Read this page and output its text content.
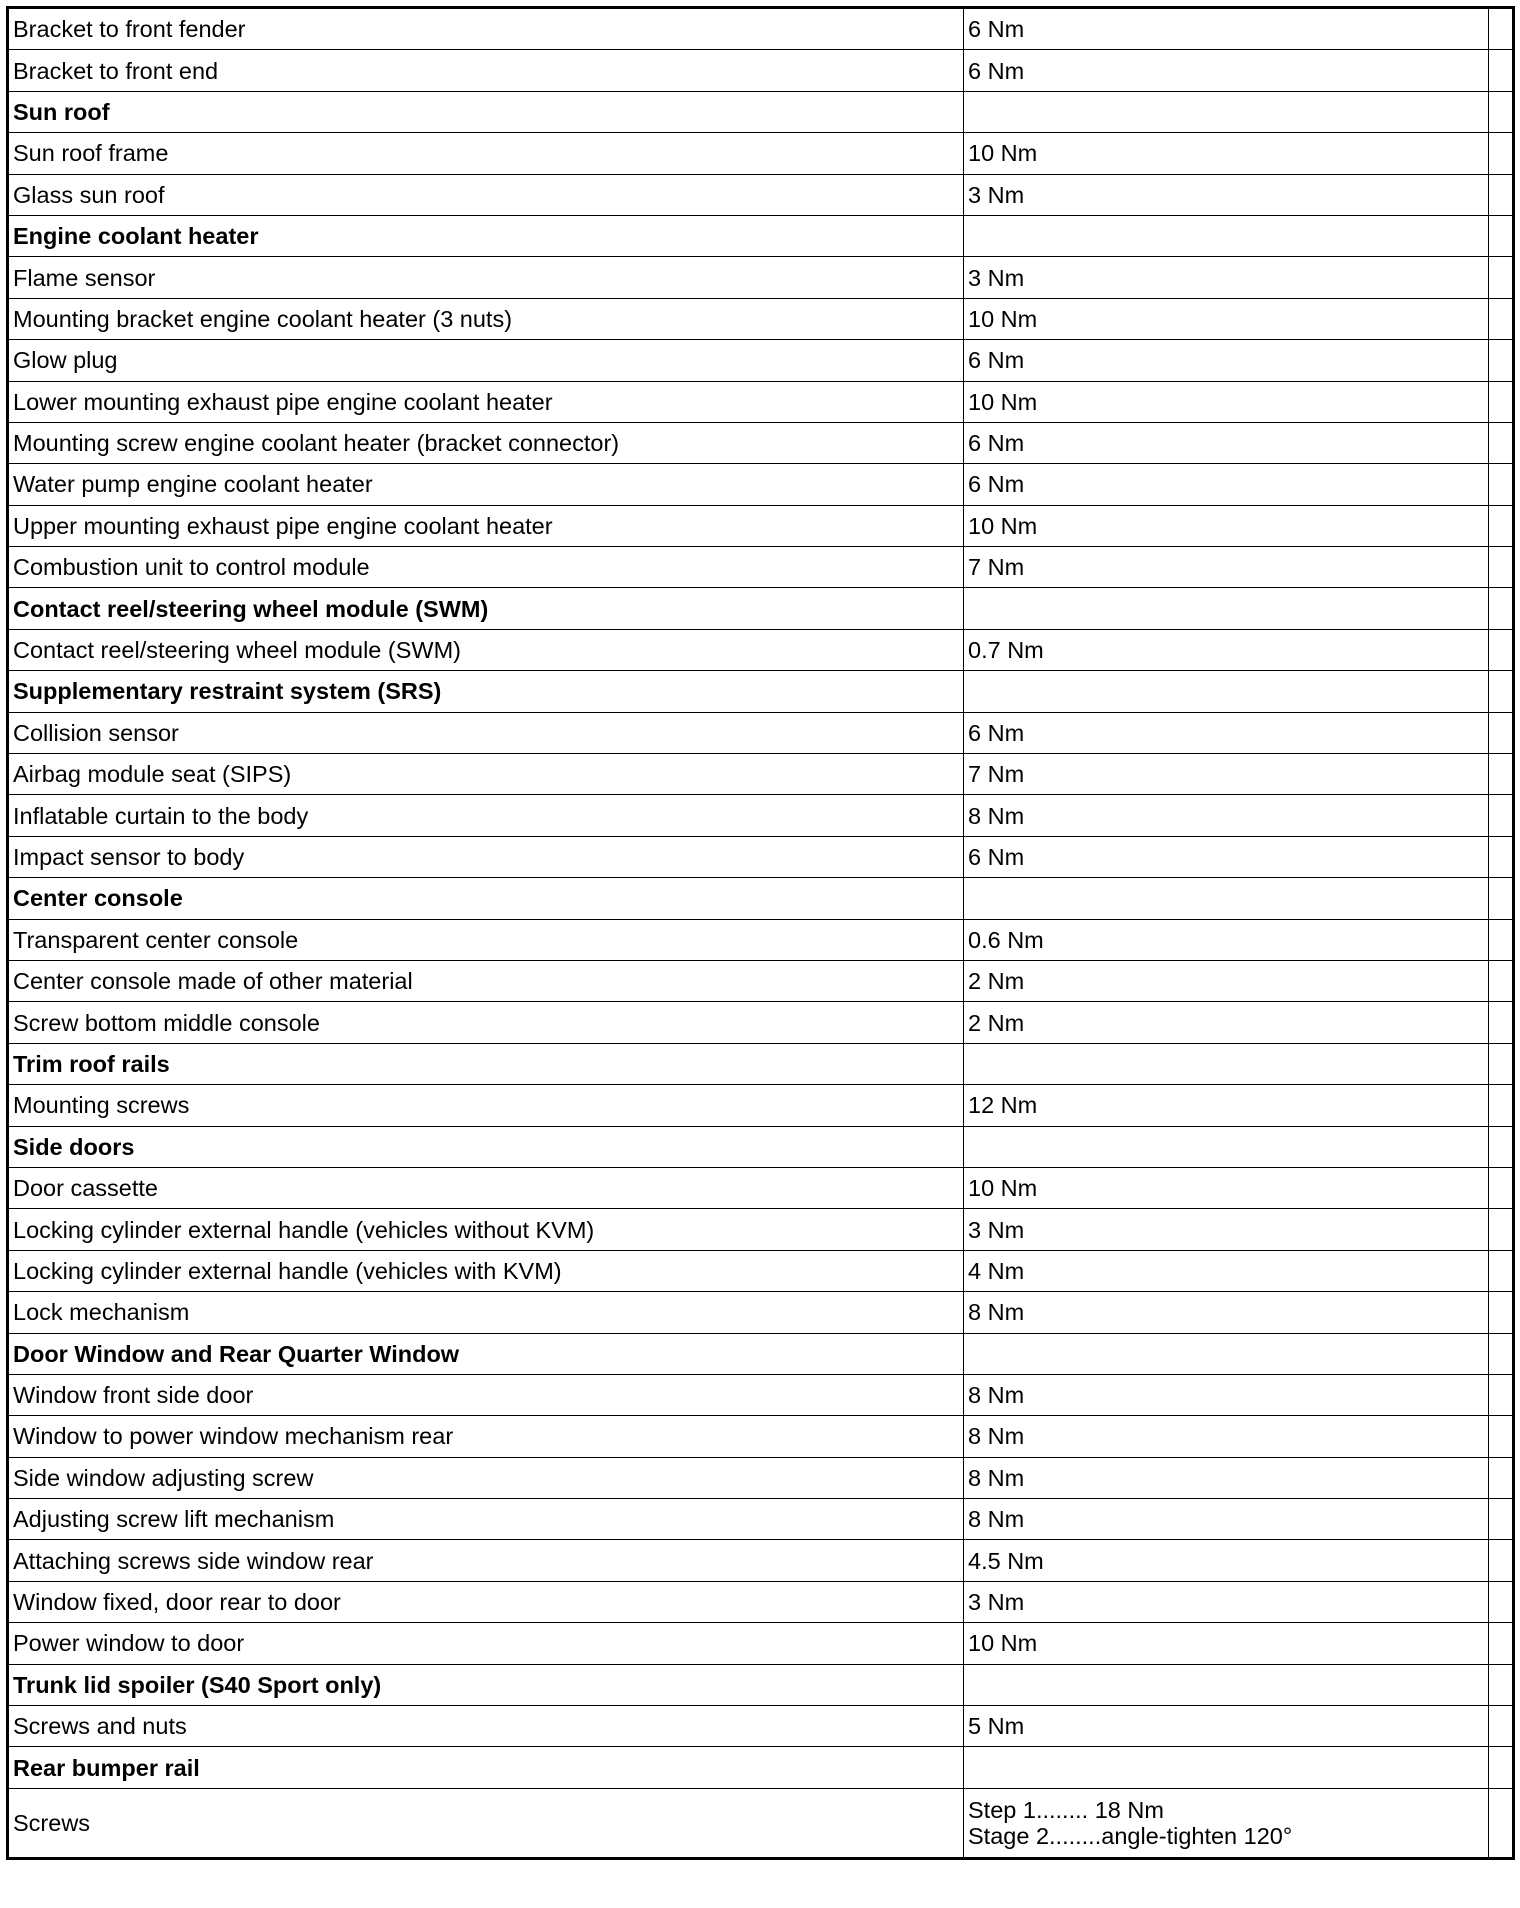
Bracket to front fender	6 Nm	
Bracket to front end	6 Nm	
Sun roof		
Sun roof frame	10 Nm	
Glass sun roof	3 Nm	
Engine coolant heater		
Flame sensor	3 Nm	
Mounting bracket engine coolant heater (3 nuts)	10 Nm	
Glow plug	6 Nm	
Lower mounting exhaust pipe engine coolant heater	10 Nm	
Mounting screw engine coolant heater (bracket connector)	6 Nm	
Water pump engine coolant heater	6 Nm	
Upper mounting exhaust pipe engine coolant heater	10 Nm	
Combustion unit to control module	7 Nm	
Contact reel/steering wheel module (SWM)		
Contact reel/steering wheel module (SWM)	0.7 Nm	
Supplementary restraint system (SRS)		
Collision sensor	6 Nm	
Airbag module seat (SIPS)	7 Nm	
Inflatable curtain to the body	8 Nm	
Impact sensor to body	6 Nm	
Center console		
Transparent center console	0.6 Nm	
Center console made of other material	2 Nm	
Screw bottom middle console	2 Nm	
Trim roof rails		
Mounting screws	12 Nm	
Side doors		
Door cassette	10 Nm	
Locking cylinder external handle (vehicles without KVM)	3 Nm	
Locking cylinder external handle (vehicles with KVM)	4 Nm	
Lock mechanism	8 Nm	
Door Window and Rear Quarter Window		
Window front side door	8 Nm	
Window to power window mechanism rear	8 Nm	
Side window adjusting screw	8 Nm	
Adjusting screw lift mechanism	8 Nm	
Attaching screws side window rear	4.5 Nm	
Window fixed, door rear to door	3 Nm	
Power window to door	10 Nm	
Trunk lid spoiler (S40 Sport only)		
Screws and nuts	5 Nm	
Rear bumper rail		
Screws	Step 1........ 18 Nm
Stage 2........angle-tighten 120°	
